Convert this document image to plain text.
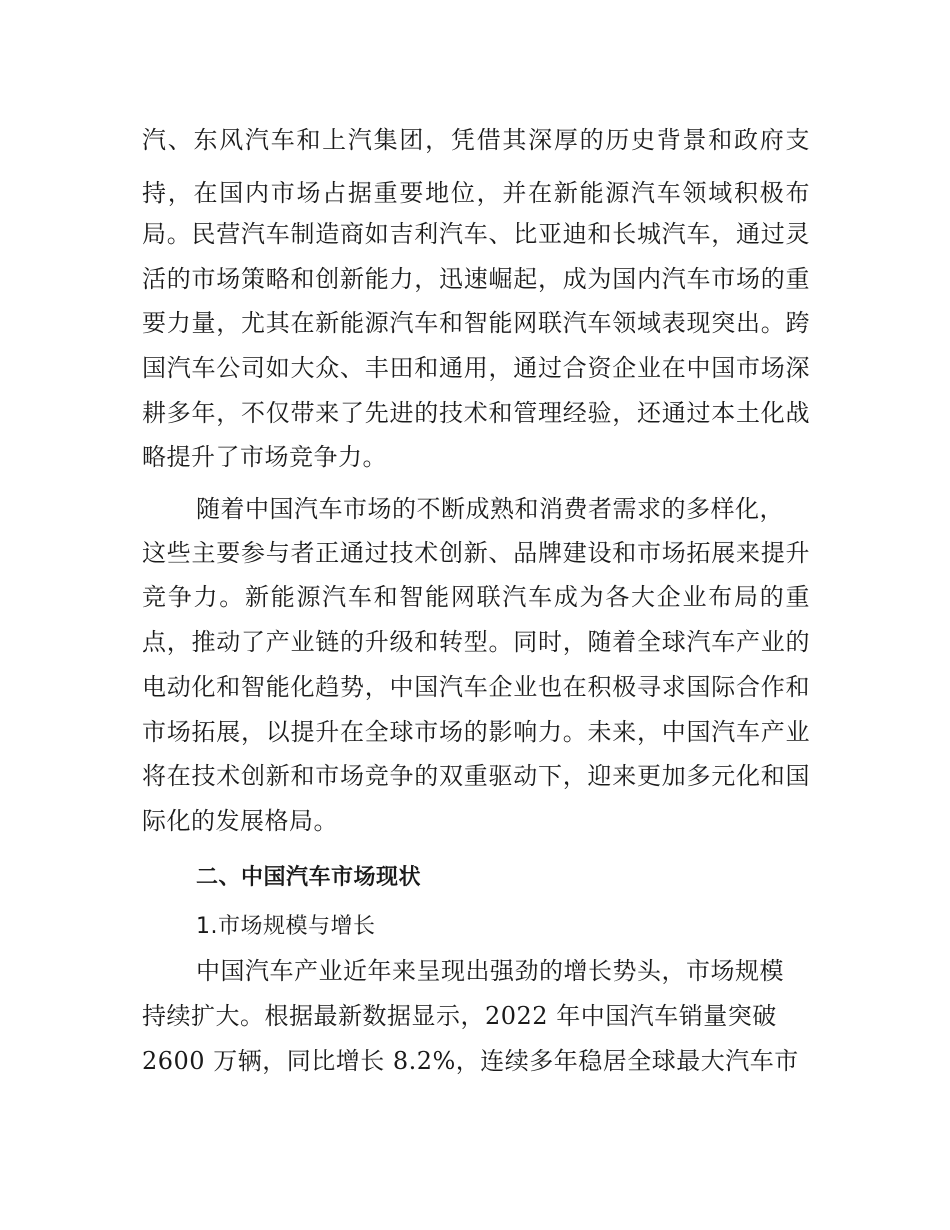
汽、东风汽车和上汽集团，凭借其深厚的历史背景和政府支
持，在国内市场占据重要地位，并在新能源汽车领域积极布
局。民营汽车制造商如吉利汽车、比亚迪和长城汽车，通过灵
活的市场策略和创新能力，迅速崛起，成为国内汽车市场的重
要力量，尤其在新能源汽车和智能网联汽车领域表现突出。跨
国汽车公司如大众、丰田和通用，通过合资企业在中国市场深
耕多年，不仅带来了先进的技术和管理经验，还通过本土化战
略提升了市场竞争力。
随着中国汽车市场的不断成熟和消费者需求的多样化，
这些主要参与者正通过技术创新、品牌建设和市场拓展来提升
竞争力。新能源汽车和智能网联汽车成为各大企业布局的重
点，推动了产业链的升级和转型。同时，随着全球汽车产业的
电动化和智能化趋势，中国汽车企业也在积极寻求国际合作和
市场拓展，以提升在全球市场的影响力。未来，中国汽车产业
将在技术创新和市场竞争的双重驱动下，迎来更加多元化和国
际化的发展格局。
二、中国汽车市场现状
1.市场规模与增长
中国汽车产业近年来呈现出强劲的增长势头，市场规模
持续扩大。根据最新数据显示，2022 年中国汽车销量突破
2600 万辆，同比增长 8.2%，连续多年稳居全球最大汽车市
